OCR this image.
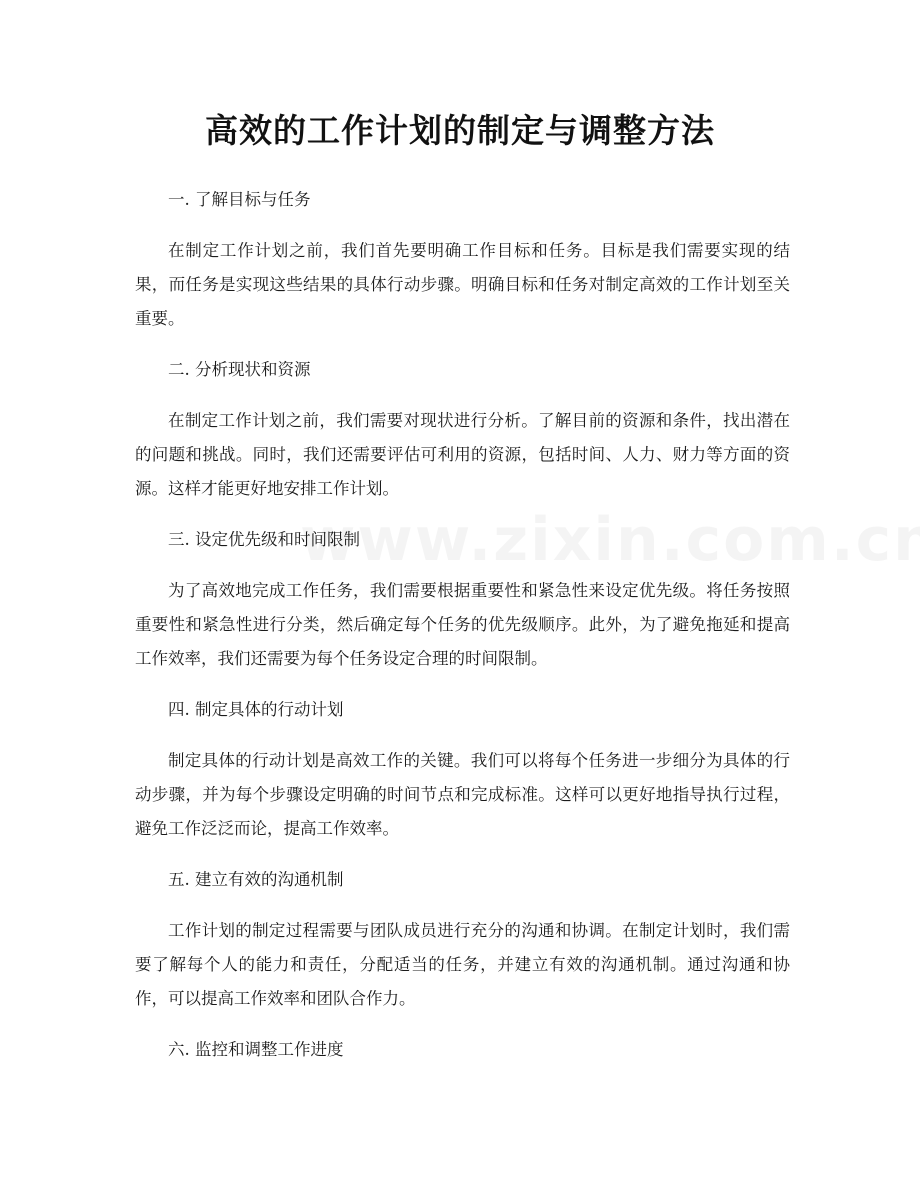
高效的工作计划的制定与调整方法

一. 了解目标与任务

在制定工作计划之前，我们首先要明确工作目标和任务。目标是我们需要实现的结果，而任务是实现这些结果的具体行动步骤。明确目标和任务对制定高效的工作计划至关重要。

二. 分析现状和资源

在制定工作计划之前，我们需要对现状进行分析。了解目前的资源和条件，找出潜在的问题和挑战。同时，我们还需要评估可利用的资源，包括时间、人力、财力等方面的资源。这样才能更好地安排工作计划。

三. 设定优先级和时间限制

为了高效地完成工作任务，我们需要根据重要性和紧急性来设定优先级。将任务按照重要性和紧急性进行分类，然后确定每个任务的优先级顺序。此外，为了避免拖延和提高工作效率，我们还需要为每个任务设定合理的时间限制。

四. 制定具体的行动计划

制定具体的行动计划是高效工作的关键。我们可以将每个任务进一步细分为具体的行动步骤，并为每个步骤设定明确的时间节点和完成标准。这样可以更好地指导执行过程，避免工作泛泛而论，提高工作效率。

五. 建立有效的沟通机制

工作计划的制定过程需要与团队成员进行充分的沟通和协调。在制定计划时，我们需要了解每个人的能力和责任，分配适当的任务，并建立有效的沟通机制。通过沟通和协作，可以提高工作效率和团队合作力。

六. 监控和调整工作进度
